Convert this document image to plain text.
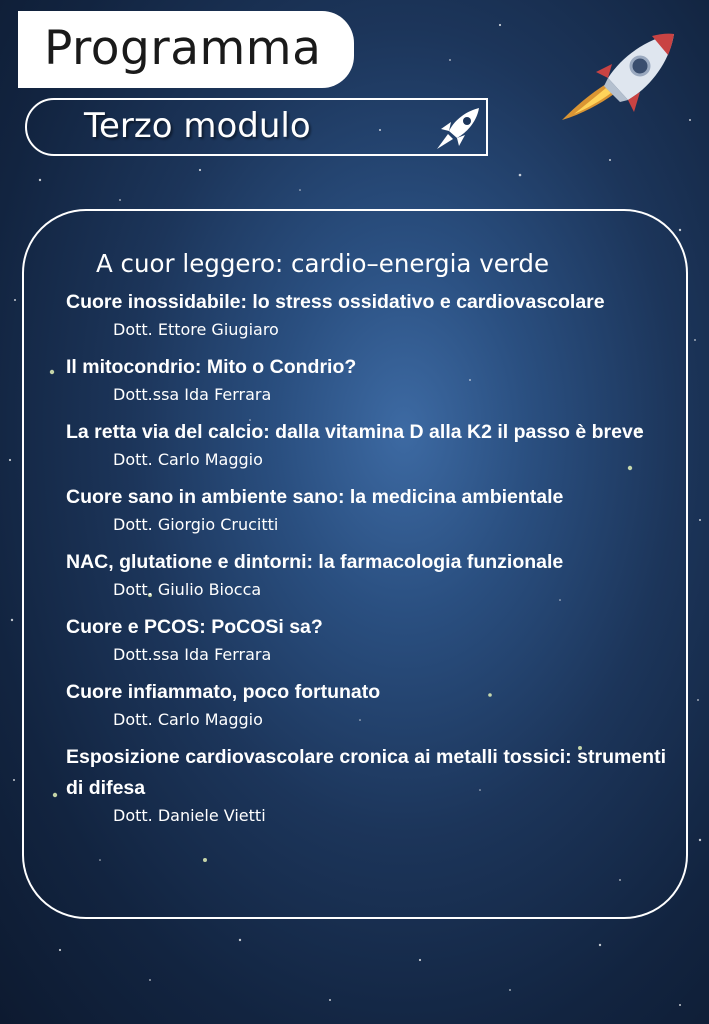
Programma
Terzo modulo
A cuor leggero: cardio–energia verde
Cuore inossidabile: lo stress ossidativo e cardiovascolare
Dott. Ettore Giugiaro
Il mitocondrio: Mito o Condrio?
Dott.ssa Ida Ferrara
La retta via del calcio: dalla vitamina D alla K2 il passo è breve
Dott. Carlo Maggio
Cuore sano in ambiente sano: la medicina ambientale
Dott. Giorgio Crucitti
NAC, glutatione e dintorni: la farmacologia funzionale
Dott. Giulio Biocca
Cuore e PCOS: PoCOSi sa?
Dott.ssa Ida Ferrara
Cuore infiammato, poco fortunato
Dott. Carlo Maggio
Esposizione cardiovascolare cronica ai metalli tossici: strumenti di difesa
Dott. Daniele Vietti
